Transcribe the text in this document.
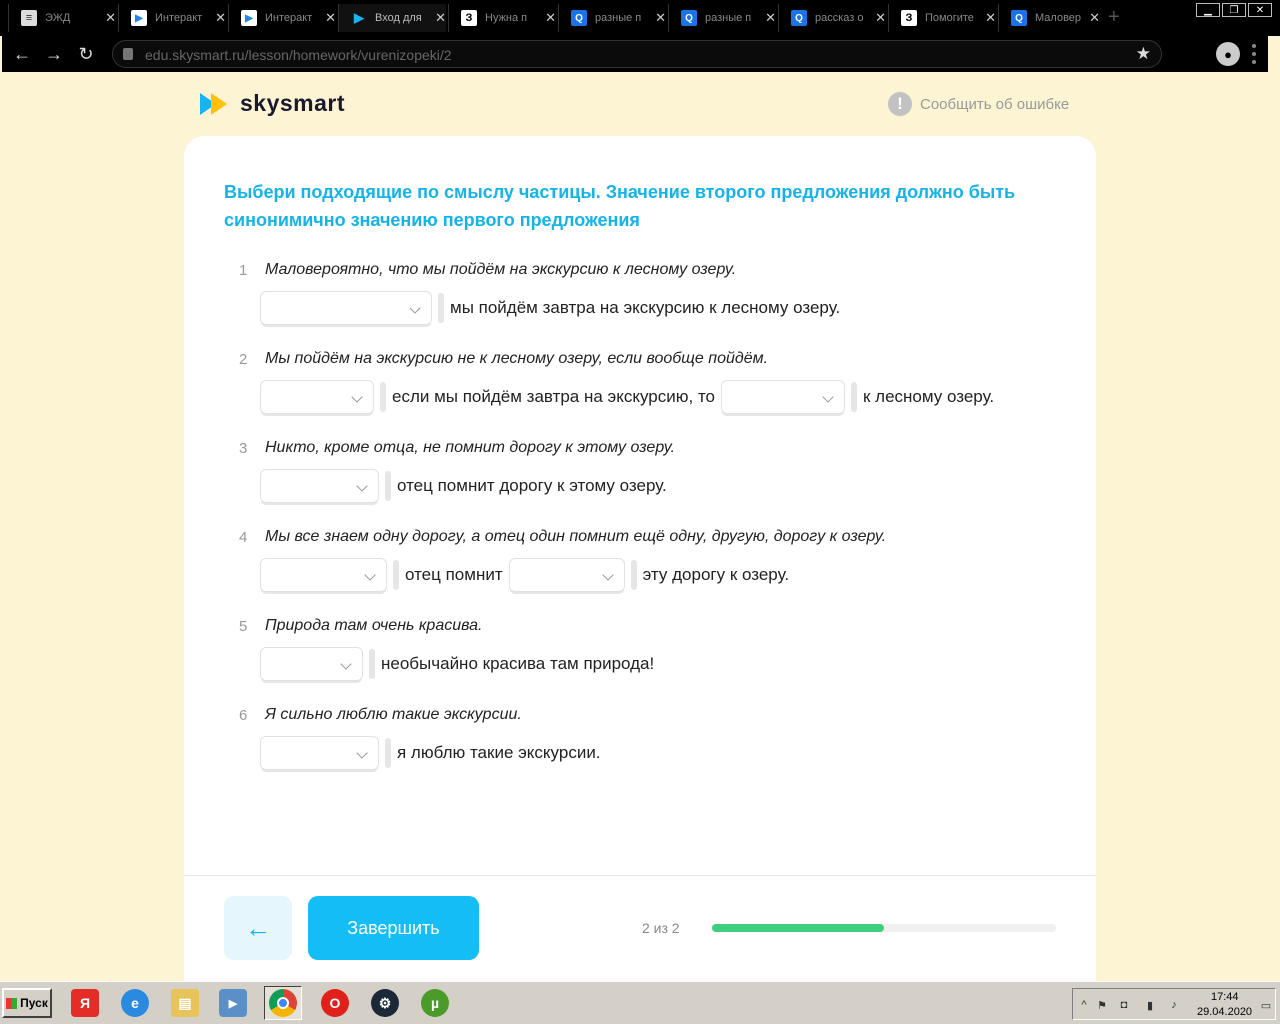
≡	ЭЖД	✕	▶	Интеракт ✕	▶	Интеракт ✕ ▶ Вход для	✕	З	Нужна п	✕	Q	разные п	✕	Q	разные п	✕	Q	рассказ о ✕	З	Помогите ✕	Q	Маловер ✕ +	▁	❐	✕
← → ↻	edu.skysmart.ru/lesson/homework/vurenizopeki/2	★	●
skysmart	!	Сообщить об ошибке
Выбери подходящие по смыслу частицы. Значение второго предложения должно быть синонимично значению первого предложения
1 Маловероятно, что мы пойдём на экскурсию к лесному озеру.
мы пойдём завтра на экскурсию к лесному озеру.
2 Мы пойдём на экскурсию не к лесному озеру, если вообще пойдём.
если мы пойдём завтра на экскурсию, то	к лесному озеру.
3 Никто, кроме отца, не помнит дорогу к этому озеру.
отец помнит дорогу к этому озеру.
4 Мы все знаем одну дорогу, а отец один помнит ещё одну, другую, дорогу к озеру.
отец помнит	эту дорогу к озеру.
5 Природа там очень красива.
необычайно красива там природа!
6 Я сильно люблю такие экскурсии.
я люблю такие экскурсии.
←	Завершить	2 из 2
Пуск	Я	e	▤	▶	O	⚙	µ	^ ⚑	◘	▮	♪
17:44
29.04.2020
▭
